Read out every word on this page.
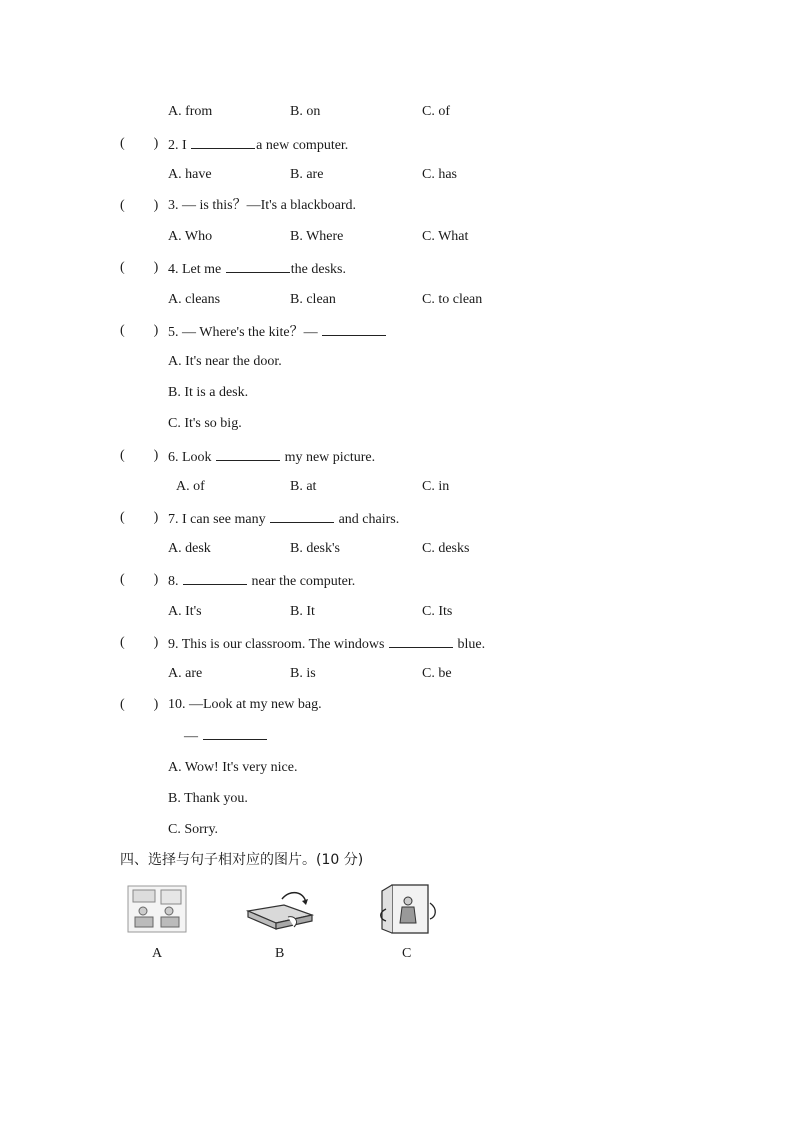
A. from	B. on	C. of
( ) 2. I	a new computer.
A. have	B. are	C. has
( ) 3. — is this？—It's a blackboard.
A. Who	B. Where	C. What
( ) 4. Let me	the desks.
A. cleans	B. clean	C. to clean
( ) 5. — Where's the kite？—
A. It's near the door.
B. It is a desk.
C. It's so big.
( ) 6. Look	my new picture.
A. of	B. at	C. in
( ) 7. I can see many	and chairs.
A. desk	B. desk's	C. desks
( ) 8.	near the computer.
A. It's	B. It	C. Its
( ) 9. This is our classroom. The windows	blue.
A. are	B. is	C. be
( ) 10. —Look at my new bag.
—
A. Wow! It's very nice.
B. Thank you.
C. Sorry.
四、选择与句子相对应的图片。(10 分)
A	B	C
